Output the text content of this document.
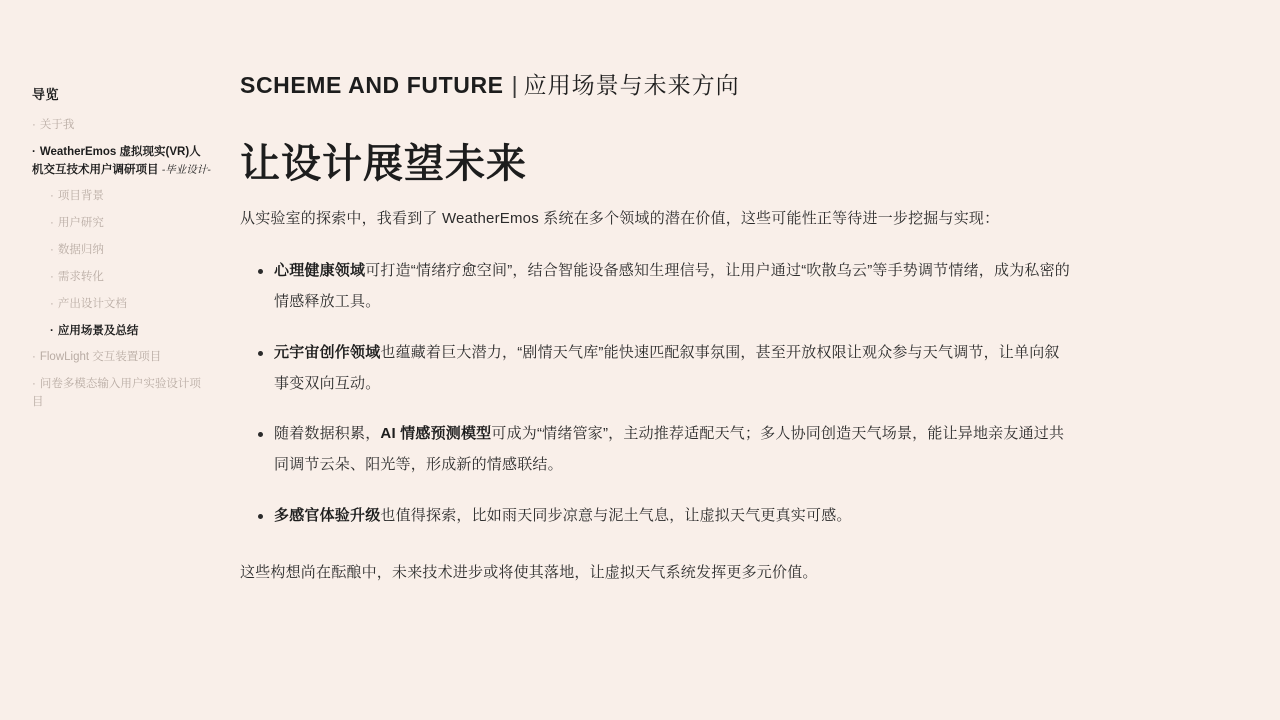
导览
· 关于我
· WeatherEmos 虚拟现实(VR)人机交互技术用户调研项目 -毕业设计-
· 项目背景
· 用户研究
· 数据归纳
· 需求转化
· 产出设计文档
· 应用场景及总结
· FlowLight 交互装置项目
· 问卷多模态输入用户实验设计项目
SCHEME AND FUTURE | 应用场景与未来方向
让设计展望未来

从实验室的探索中，我看到了 WeatherEmos 系统在多个领域的潜在价值，这些可能性正等待进一步挖掘与实现：

心理健康领域可打造“情绪疗愈空间”，结合智能设备感知生理信号，让用户通过“吹散乌云”等手势调节情绪，成为私密的情感释放工具。
元宇宙创作领域也蕴藏着巨大潜力，“剧情天气库”能快速匹配叙事氛围，甚至开放权限让观众参与天气调节，让单向叙事变双向互动。
随着数据积累，AI 情感预测模型可成为“情绪管家”，主动推荐适配天气；多人协同创造天气场景，能让异地亲友通过共同调节云朵、阳光等，形成新的情感联结。
多感官体验升级也值得探索，比如雨天同步凉意与泥土气息，让虚拟天气更真实可感。

这些构想尚在酝酿中，未来技术进步或将使其落地，让虚拟天气系统发挥更多元价值。
